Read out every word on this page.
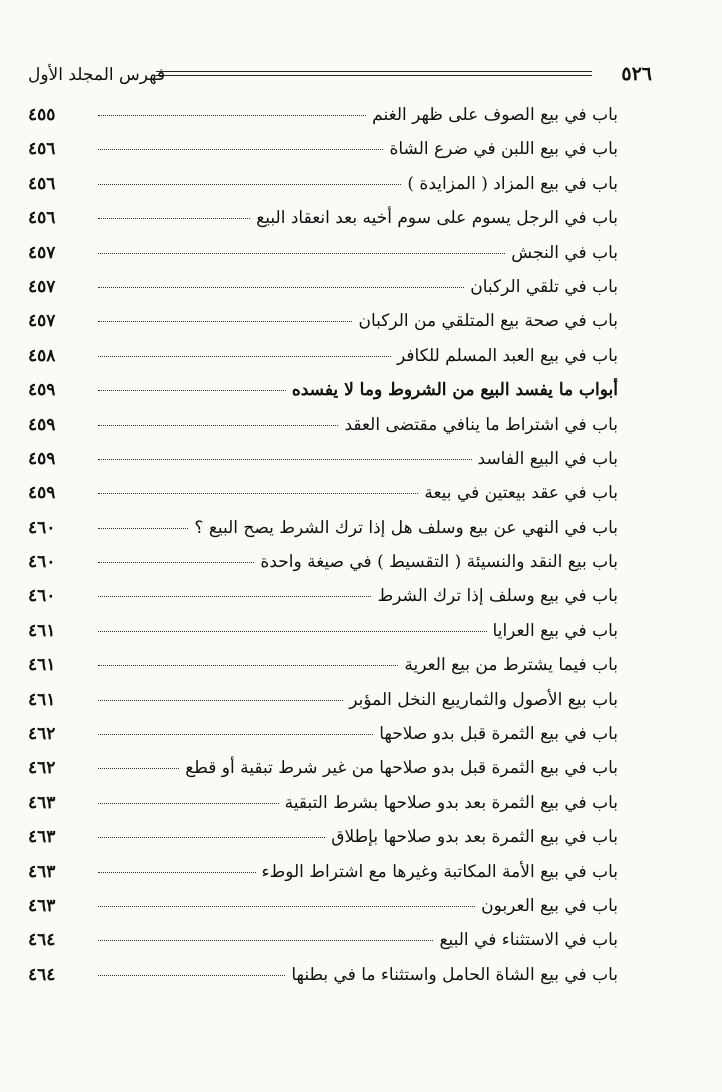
٥٢٦
فهرس المجلد الأول
باب في بيع الصوف على ظهر الغنم
٤٥٥
باب في بيع اللبن في ضرع الشاة
٤٥٦
باب في بيع المزاد ( المزايدة )
٤٥٦
باب في الرجل يسوم على سوم أخيه بعد انعقاد البيع
٤٥٦
باب في النجش
٤٥٧
باب في تلقي الركبان
٤٥٧
باب في صحة بيع المتلقي من الركبان
٤٥٧
باب في بيع العبد المسلم للكافر
٤٥٨
أبواب ما يفسد البيع من الشروط وما لا يفسده
٤٥٩
باب في اشتراط ما ينافي مقتضى العقد
٤٥٩
باب في البيع الفاسد
٤٥٩
باب في عقد بيعتين في بيعة
٤٥٩
باب في النهي عن بيع وسلف هل إذا ترك الشرط يصح البيع ؟
٤٦٠
باب بيع النقد والنسيئة ( التقسيط ) في صيغة واحدة
٤٦٠
باب في بيع وسلف إذا ترك الشرط
٤٦٠
باب في بيع العرايا
٤٦١
باب فيما يشترط من بيع العرية
٤٦١
باب بيع الأصول والثماريبع النخل المؤبر
٤٦١
باب في بيع الثمرة قبل بدو صلاحها
٤٦٢
باب في بيع الثمرة قبل بدو صلاحها من غير شرط تبقية أو قطع
٤٦٢
باب في بيع الثمرة بعد بدو صلاحها بشرط التبقية
٤٦٣
باب في بيع الثمرة بعد بدو صلاحها بإطلاق
٤٦٣
باب في بيع الأمة المكاتبة وغيرها مع اشتراط الوطء
٤٦٣
باب في بيع العربون
٤٦٣
باب في الاستثناء في البيع
٤٦٤
باب في بيع الشاة الحامل واستثناء ما في بطنها
٤٦٤
